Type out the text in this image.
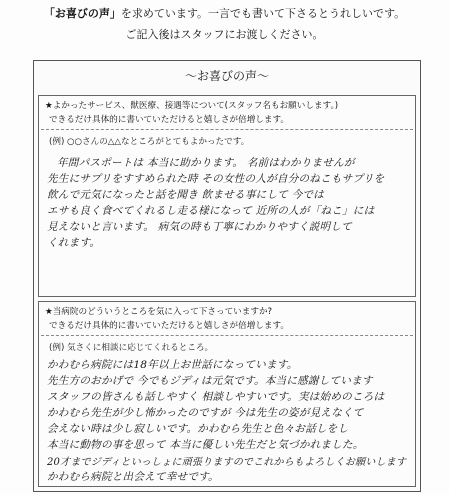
「お喜びの声」を求めています。一言でも書いて下さるとうれしいです。
ご記入後はスタッフにお渡しください。
〜お喜びの声〜
★よかったサービス、獣医療、接遇等について(スタッフ名もお願いします。)
できるだけ具体的に書いていただけると嬉しさが倍増します。
(例) ○○さんの△△なところがとてもよかったです。
年間パスポートは 本当に助かります。 名前はわかりませんが
先生にサプリをすすめられた時 その女性の人が自分のねこもサプリを
飲んで元気になったと話を聞き 飲ませる事にして 今では
エサも良く食べてくれるし走る様になって 近所の人が「ねこ」には
見えないと言います。 病気の時も丁寧にわかりやすく説明して
くれます。
★当病院のどういうところを気に入って下さっていますか?
できるだけ具体的に書いていただけると嬉しさが倍増します。
(例) 気さくに相談に応じてくれるところ。
かわむら病院には18年以上お世話になっています。
先生方のおかげで 今でもジディは元気です。本当に感謝しています
スタッフの皆さんも話しやすく 相談しやすいです。実は始めのころは
かわむら先生が少し怖かったのですが 今は先生の姿が見えなくて
会えない時は少し寂しいです。かわむら先生と色々お話しをし
本当に動物の事を思って 本当に優しい先生だと気づかれました。
20才までジディといっしょに頑張りますのでこれからもよろしくお願いします
かわむら病院と出会えて幸せです。
